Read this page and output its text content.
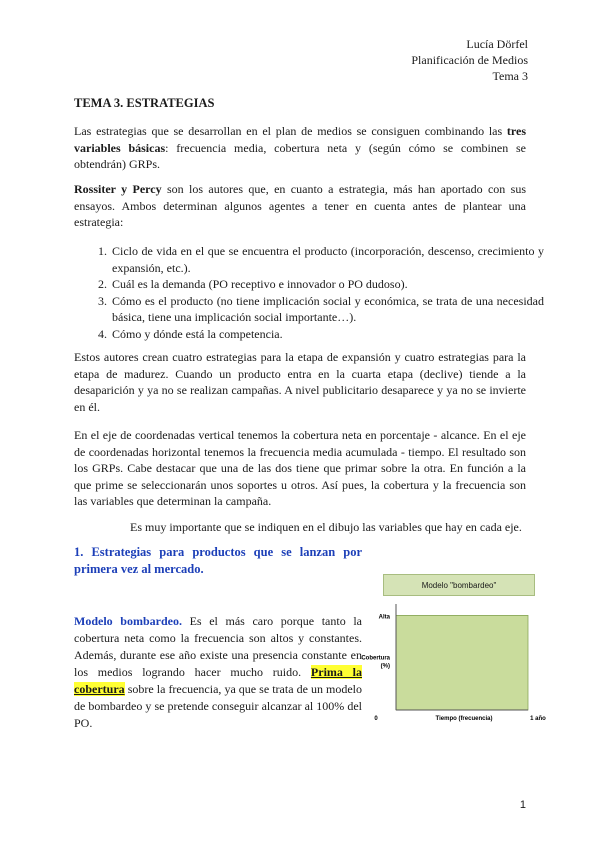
Lucía Dörfel
Planificación de Medios
Tema 3
TEMA 3. ESTRATEGIAS

Las estrategias que se desarrollan en el plan de medios se consiguen combinando las tres variables básicas: frecuencia media, cobertura neta y (según cómo se combinen se obtendrán) GRPs.

Rossiter y Percy son los autores que, en cuanto a estrategia, más han aportado con sus ensayos. Ambos determinan algunos agentes a tener en cuenta antes de plantear una estrategia:

1. Ciclo de vida en el que se encuentra el producto (incorporación, descenso, crecimiento y expansión, etc.).
2. Cuál es la demanda (PO receptivo e innovador o PO dudoso).
3. Cómo es el producto (no tiene implicación social y económica, se trata de una necesidad básica, tiene una implicación social importante…).
4. Cómo y dónde está la competencia.

Estos autores crean cuatro estrategias para la etapa de expansión y cuatro estrategias para la etapa de madurez. Cuando un producto entra en la cuarta etapa (declive) tiende a la desaparición y ya no se realizan campañas. A nivel publicitario desaparece y ya no se invierte en él.

En el eje de coordenadas vertical tenemos la cobertura neta en porcentaje - alcance. En el eje de coordenadas horizontal tenemos la frecuencia media acumulada - tiempo. El resultado son los GRPs. Cabe destacar que una de las dos tiene que primar sobre la otra. En función a la que prime se seleccionarán unos soportes u otros. Así pues, la cobertura y la frecuencia son las variables que determinan la campaña.

Es muy importante que se indiquen en el dibujo las variables que hay en cada eje.
1. Estrategias para productos que se lanzan por primera vez al mercado.

Modelo bombardeo. Es el más caro porque tanto la cobertura neta como la frecuencia son altos y constantes. Además, durante ese año existe una presencia constante en los medios logrando hacer mucho ruido. Prima la cobertura sobre la frecuencia, ya que se trata de un modelo de bombardeo y se pretende conseguir alcanzar al 100% del PO.

Modelo "bombardeo"
Alta
Cobertura (%)
0	1 año
Tiempo (frecuencia)
1
